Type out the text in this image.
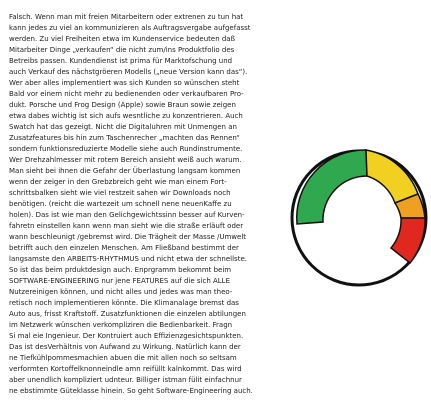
Falsch. Wenn man mit freien Mitarbeitern oder extrenen zu tun hat
kann jedes zu viel an kommunizieren als Auftragsvergabe aufgefasst
werden. Zu viel Freiheiten etwa im Kundenservice bedeuten daß
Mitarbeiter Dinge „verkaufen“ die nicht zum/ins Produktfolio des
Betreibs passen. Kundendienst ist prima für Marktofschung und
auch Verkauf des nächstgröeren Modells („neue Version kann das“).
Wer aber alles implementiert was sich Kunden so wünschen steht
Bald vor einem nicht mehr zu bedienenden oder verkaufbaren Pro-
dukt. Porsche und Frog Design (Apple) sowie Braun sowie zeigen
etwa dabes wichtig ist sich aufs wesntliche zu konzentrieren. Auch
Swatch hat das gezeigt. Nicht die Digitaluhren mit Unmengen an
Zusatzfeatures bis hin zum Taschenrecher „machten das Rennen“
sondern funktionsreduzierte Modelle siehe auch Rundinstrumente.
Wer Drehzahlmesser mit rotem Bereich ansieht weiß auch warum.
Man sieht bei ihnen die Gefahr der Überlastung langsam kommen
wenn der zeiger in den Grebzbreich geht wie man einem Fort-
schrittsbalken sieht wie viel restzeit sahen wir Downloads noch
benötigen. (reicht die wartezeit um schnell nene neuenKaffe zu
holen). Das ist wie man den Gelichgewichtssinn besser auf Kurven-
fahretn einstellen kann wenn man sieht wie die straße erläuft oder
wann beschleunigt /gebremst wird. Die Trägheit der Masse /Umwelt
betrifft auch den einzelen Menschen. Am Fließband bestimmt der
langsamste den ARBEITS-RHYTHMUS und nicht etwa der schnellste.
So ist das beim prduktdesign auch. Enprgramm bekommt beim
SOFTWARE-ENGINEERING nur jene FEATURES auf die sich ALLE
Nutzereinigen können, und nicht alles und jedes was man theo-
retisch noch implementieren könnte. Die Klimanalage bremst das
Auto aus, frisst Kraftstoff. Zusatzfunktionen die einzelen abtilungen
im Netzwerk wünschen verkompliziren die Bedienbarkeit. Fragn
Si mal eie Ingenieur. Der Kontruiert auch Effizienzgesichtspunkten.
Das ist desVerhältnis von Aufwand zu Wirkung. Natürlich kann der
ne Tiefkühlpommesmachien abuen die mit allen noch so seltsam
verformten Kortoffelknonneindle amn reifüllt kalnkommt. Das wird
aber unendlich kompliziert udnteur. Billiger istman fülit einfachnur
ne ebstimmte Güteklasse hinein. So geht Software-Engineering auch.
